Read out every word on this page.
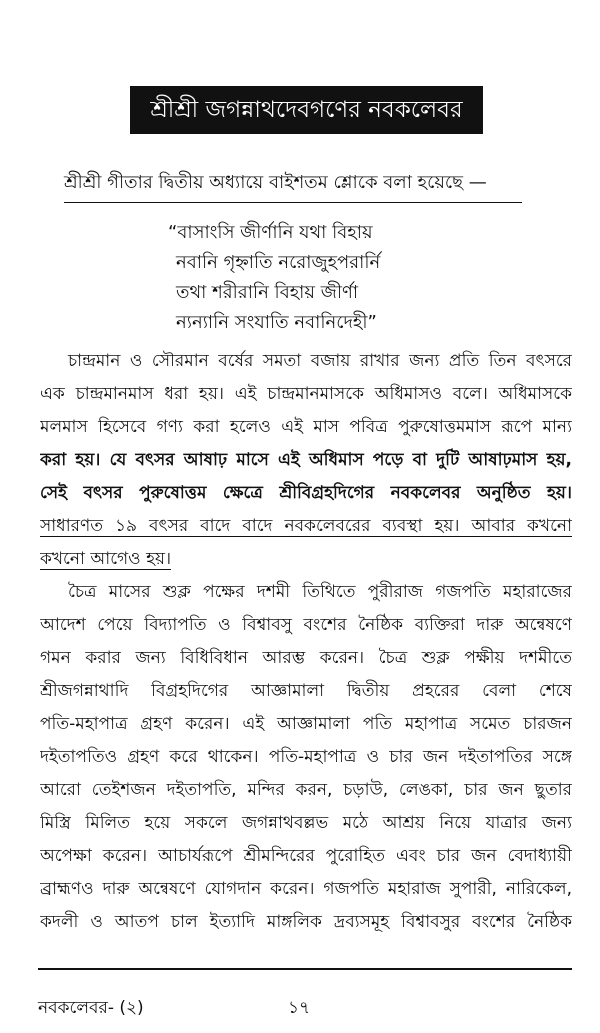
শ্রীশ্রী জগন্নাথদেবগণের নবকলেবর
শ্রীশ্রী গীতার দ্বিতীয় অধ্যায়ে বাইশতম শ্লোকে বলা হয়েছে —
“বাসাংসি জীর্ণানি যথা বিহায়
নবানি গৃহ্নাতি নরোজুহপরার্নি
তথা শরীরানি বিহায় জীর্ণা
ন্যন্যানি সংযাতি নবানিদেহী”
চান্দ্রমান ও সৌরমান বর্ষের সমতা বজায় রাখার জন্য প্রতি তিন বৎসরে
এক চান্দ্রমানমাস ধরা হয়। এই চান্দ্রমানমাসকে অধিমাসও বলে। অধিমাসকে
মলমাস হিসেবে গণ্য করা হলেও এই মাস পবিত্র পুরুষোত্তমমাস রূপে মান্য
করা হয়। যে বৎসর আষাঢ় মাসে এই অধিমাস পড়ে বা দুটি আষাঢ়মাস হয়,
সেই বৎসর পুরুষোত্তম ক্ষেত্রে শ্রীবিগ্রহদিগের নবকলেবর অনুষ্ঠিত হয়।
সাধারণত ১৯ বৎসর বাদে বাদে নবকলেবরের ব্যবস্থা হয়। আবার কখনো
কখনো আগেও হয়।
চৈত্র মাসের শুক্ল পক্ষের দশমী তিথিতে পুরীরাজ গজপতি মহারাজের
আদেশ পেয়ে বিদ্যাপতি ও বিশ্বাবসু বংশের নৈষ্ঠিক ব্যক্তিরা দারু অন্বেষণে
গমন করার জন্য বিধিবিধান আরম্ভ করেন। চৈত্র শুক্ল পক্ষীয় দশমীতে
শ্রীজগন্নাথাদি বিগ্রহদিগের আজ্ঞামালা দ্বিতীয় প্রহরের বেলা শেষে
পতি-মহাপাত্র গ্রহণ করেন। এই আজ্ঞামালা পতি মহাপাত্র সমেত চারজন
দইতাপতিও গ্রহণ করে থাকেন। পতি-মহাপাত্র ও চার জন দইতাপতির সঙ্গে
আরো তেইশজন দইতাপতি, মন্দির করন, চড়াউ, লেঙকা, চার জন ছুতার
মিস্ত্রি মিলিত হয়ে সকলে জগন্নাথবল্লভ মঠে আশ্রয় নিয়ে যাত্রার জন্য
অপেক্ষা করেন। আচার্যরূপে শ্রীমন্দিরের পুরোহিত এবং চার জন বেদাধ্যায়ী
ব্রাহ্মণও দারু অন্বেষণে যোগদান করেন। গজপতি মহারাজ সুপারী, নারিকেল,
কদলী ও আতপ চাল ইত্যাদি মাঙ্গলিক দ্রব্যসমূহ বিশ্বাবসুর বংশের নৈষ্ঠিক
নবকলেবর- (২)	১৭
